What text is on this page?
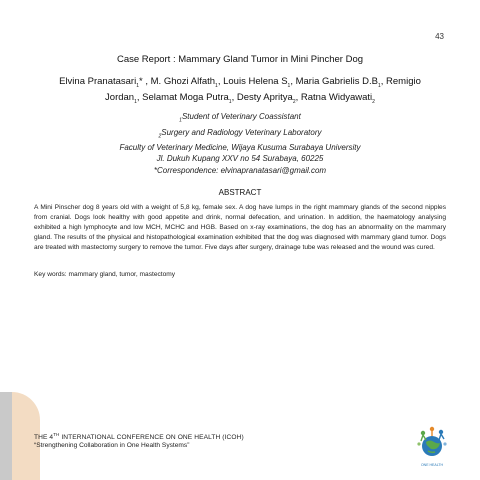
43
Case Report : Mammary Gland Tumor in Mini Pincher Dog
Elvina Pranatasari$_1$* , M. Ghozi Alfath$_1$, Louis Helena $S_1$, Maria Gabrielis $D.B_1$, Remigio
Jordan$_1$, Selamat Moga Putra$_1$, Desty Apritya$_2$, Ratna Widyawati$_2$
$_1$Student of Veterinary Coassistant
$_2$Surgery and Radiology Veterinary Laboratory
Faculty of Veterinary Medicine, Wijaya Kusuma Surabaya University
Jl. Dukuh Kupang XXV no 54 Surabaya, 60225
*Correspondence: elvinapranatasari@gmail.com
ABSTRACT
A Mini Pinscher dog 8 years old with a weight of 5,8 kg, female sex. A dog have lumps in the right mammary glands of the second nipples from cranial. Dogs look healthy with good appetite and drink, normal defecation, and urination. In addition, the haematology analysing exhibited a high lymphocyte and low MCH, MCHC and HGB. Based on x-ray examinations, the dog has an abnormality on the mammary gland. The results of the physical and histopathological examination exhibited that the dog was diagnosed with mammary gland tumor. Dogs are treated with mastectomy surgery to remove the tumor. Five days after surgery, drainage tube was released and the wound was cured.
Key words: mammary gland, tumor, mastectomy
THE 4TH INTERNATIONAL CONFERENCE ON ONE HEALTH (ICOH)
“Strengthening Collaboration in One Health Systems”
ONE HEALTH
